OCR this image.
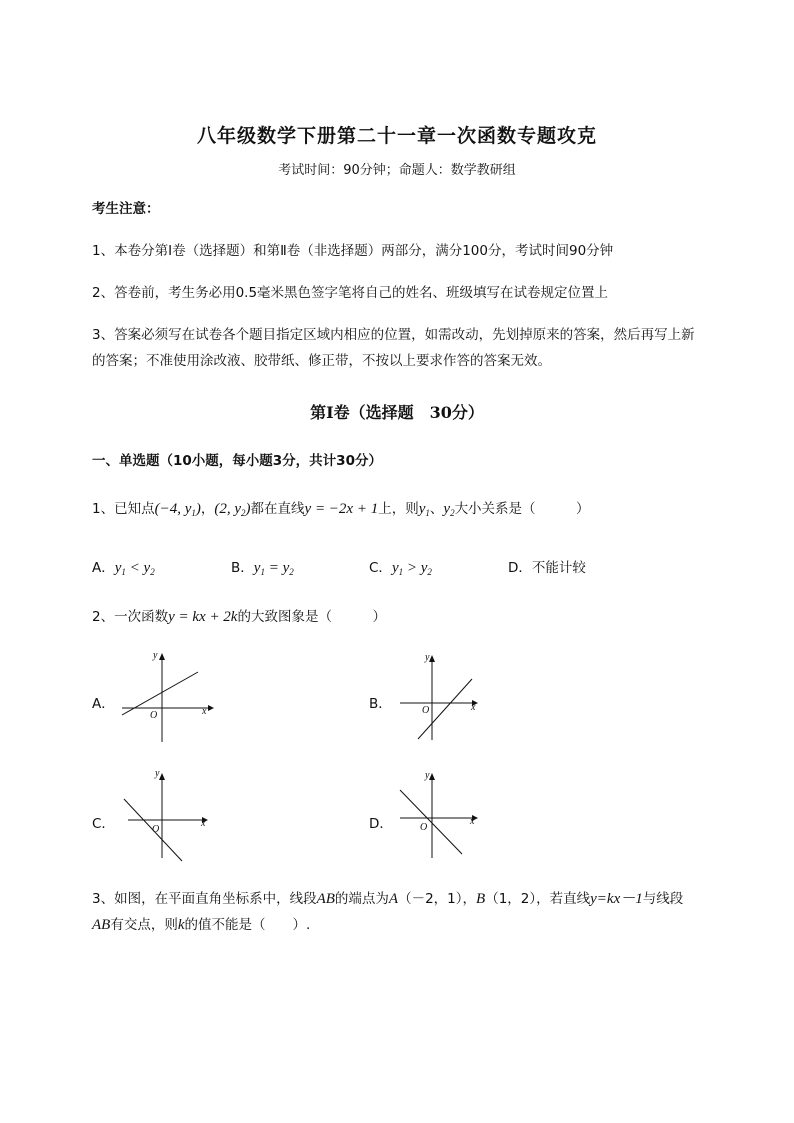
八年级数学下册第二十一章一次函数专题攻克
考试时间：90分钟；命题人：数学教研组
考生注意：
1、本卷分第I卷（选择题）和第Ⅱ卷（非选择题）两部分，满分100分，考试时间90分钟
2、答卷前，考生务必用0.5毫米黑色签字笔将自己的姓名、班级填写在试卷规定位置上
3、答案必须写在试卷各个题目指定区域内相应的位置，如需改动，先划掉原来的答案，然后再写上新
的答案；不准使用涂改液、胶带纸、修正带，不按以上要求作答的答案无效。
第I卷（选择题　30分）
一、单选题（10小题，每小题3分，共计30分）
1、已知点(−4, $y_1$)，(2, $y_2$)都在直线y = −2x + 1上，则$y_1$、$y_2$大小关系是（　　　）
A．$y_1 < y_2$	B．$y_1 = y_2$	C．$y_1 > y_2$	D．不能计较
2、一次函数y = kx + 2k的大致图象是（　　　）
A．
y
x
O
B．
y
x
O
C．
y
x
O	D．
y
x
O
3、如图，在平面直角坐标系中，线段AB的端点为A（－2，1），B（1，2），若直线y=kx－1与线段
AB有交点，则k的值不能是（　　）.
